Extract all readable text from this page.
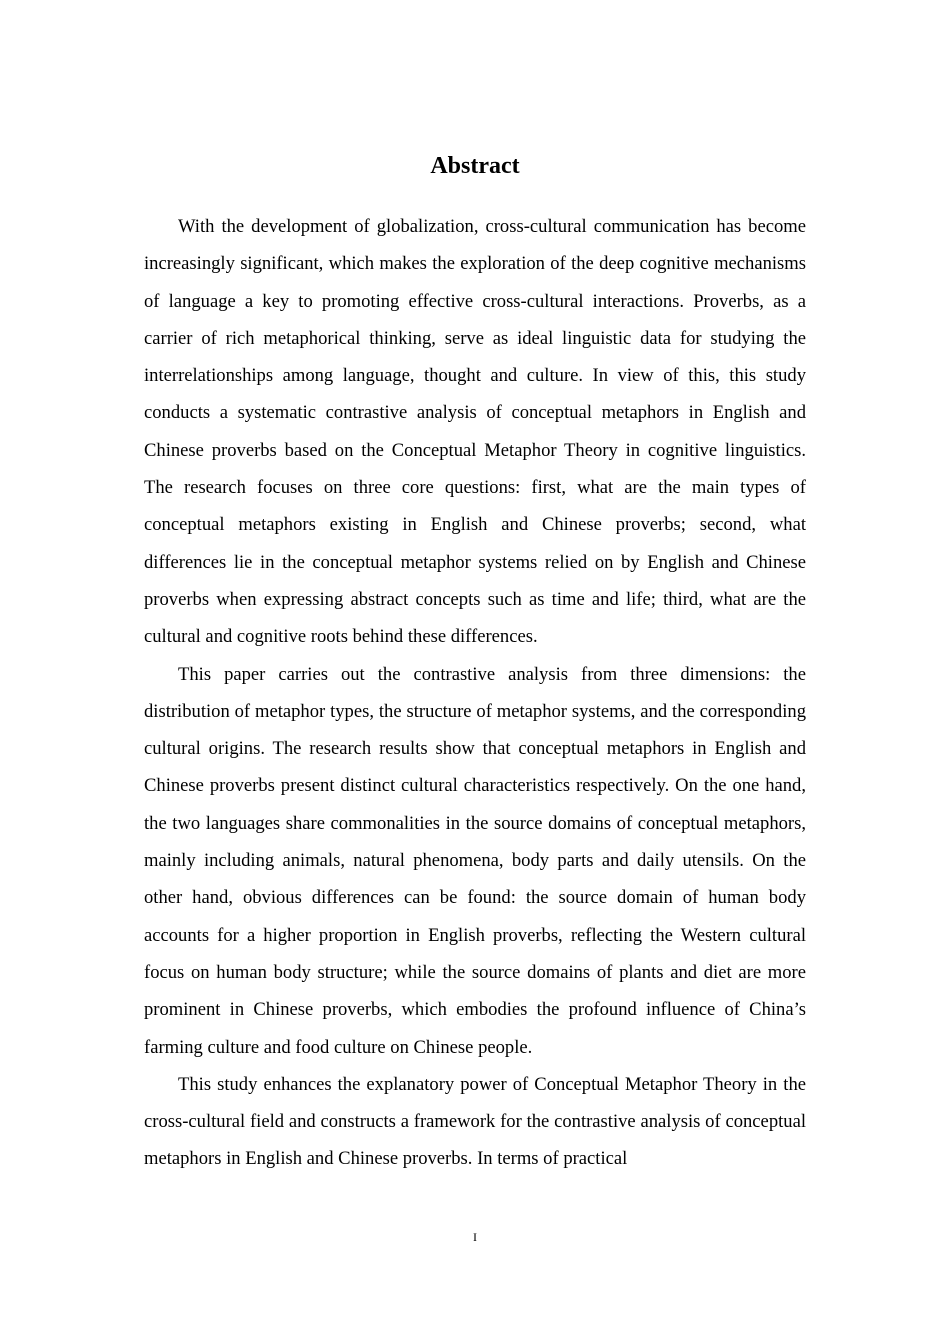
Abstract

With the development of globalization, cross-cultural communication has become increasingly significant, which makes the exploration of the deep cognitive mechanisms of language a key to promoting effective cross-cultural interactions. Proverbs, as a carrier of rich metaphorical thinking, serve as ideal linguistic data for studying the interrelationships among language, thought and culture. In view of this, this study conducts a systematic contrastive analysis of conceptual metaphors in English and Chinese proverbs based on the Conceptual Metaphor Theory in cognitive linguistics. The research focuses on three core questions: first, what are the main types of conceptual metaphors existing in English and Chinese proverbs; second, what differences lie in the conceptual metaphor systems relied on by English and Chinese proverbs when expressing abstract concepts such as time and life; third, what are the cultural and cognitive roots behind these differences.

This paper carries out the contrastive analysis from three dimensions: the distribution of metaphor types, the structure of metaphor systems, and the corresponding cultural origins. The research results show that conceptual metaphors in English and Chinese proverbs present distinct cultural characteristics respectively. On the one hand, the two languages share commonalities in the source domains of conceptual metaphors, mainly including animals, natural phenomena, body parts and daily utensils. On the other hand, obvious differences can be found: the source domain of human body accounts for a higher proportion in English proverbs, reflecting the Western cultural focus on human body structure; while the source domains of plants and diet are more prominent in Chinese proverbs, which embodies the profound influence of China’s farming culture and food culture on Chinese people.

This study enhances the explanatory power of Conceptual Metaphor Theory in the cross-cultural field and constructs a framework for the contrastive analysis of conceptual metaphors in English and Chinese proverbs. In terms of practical

I
